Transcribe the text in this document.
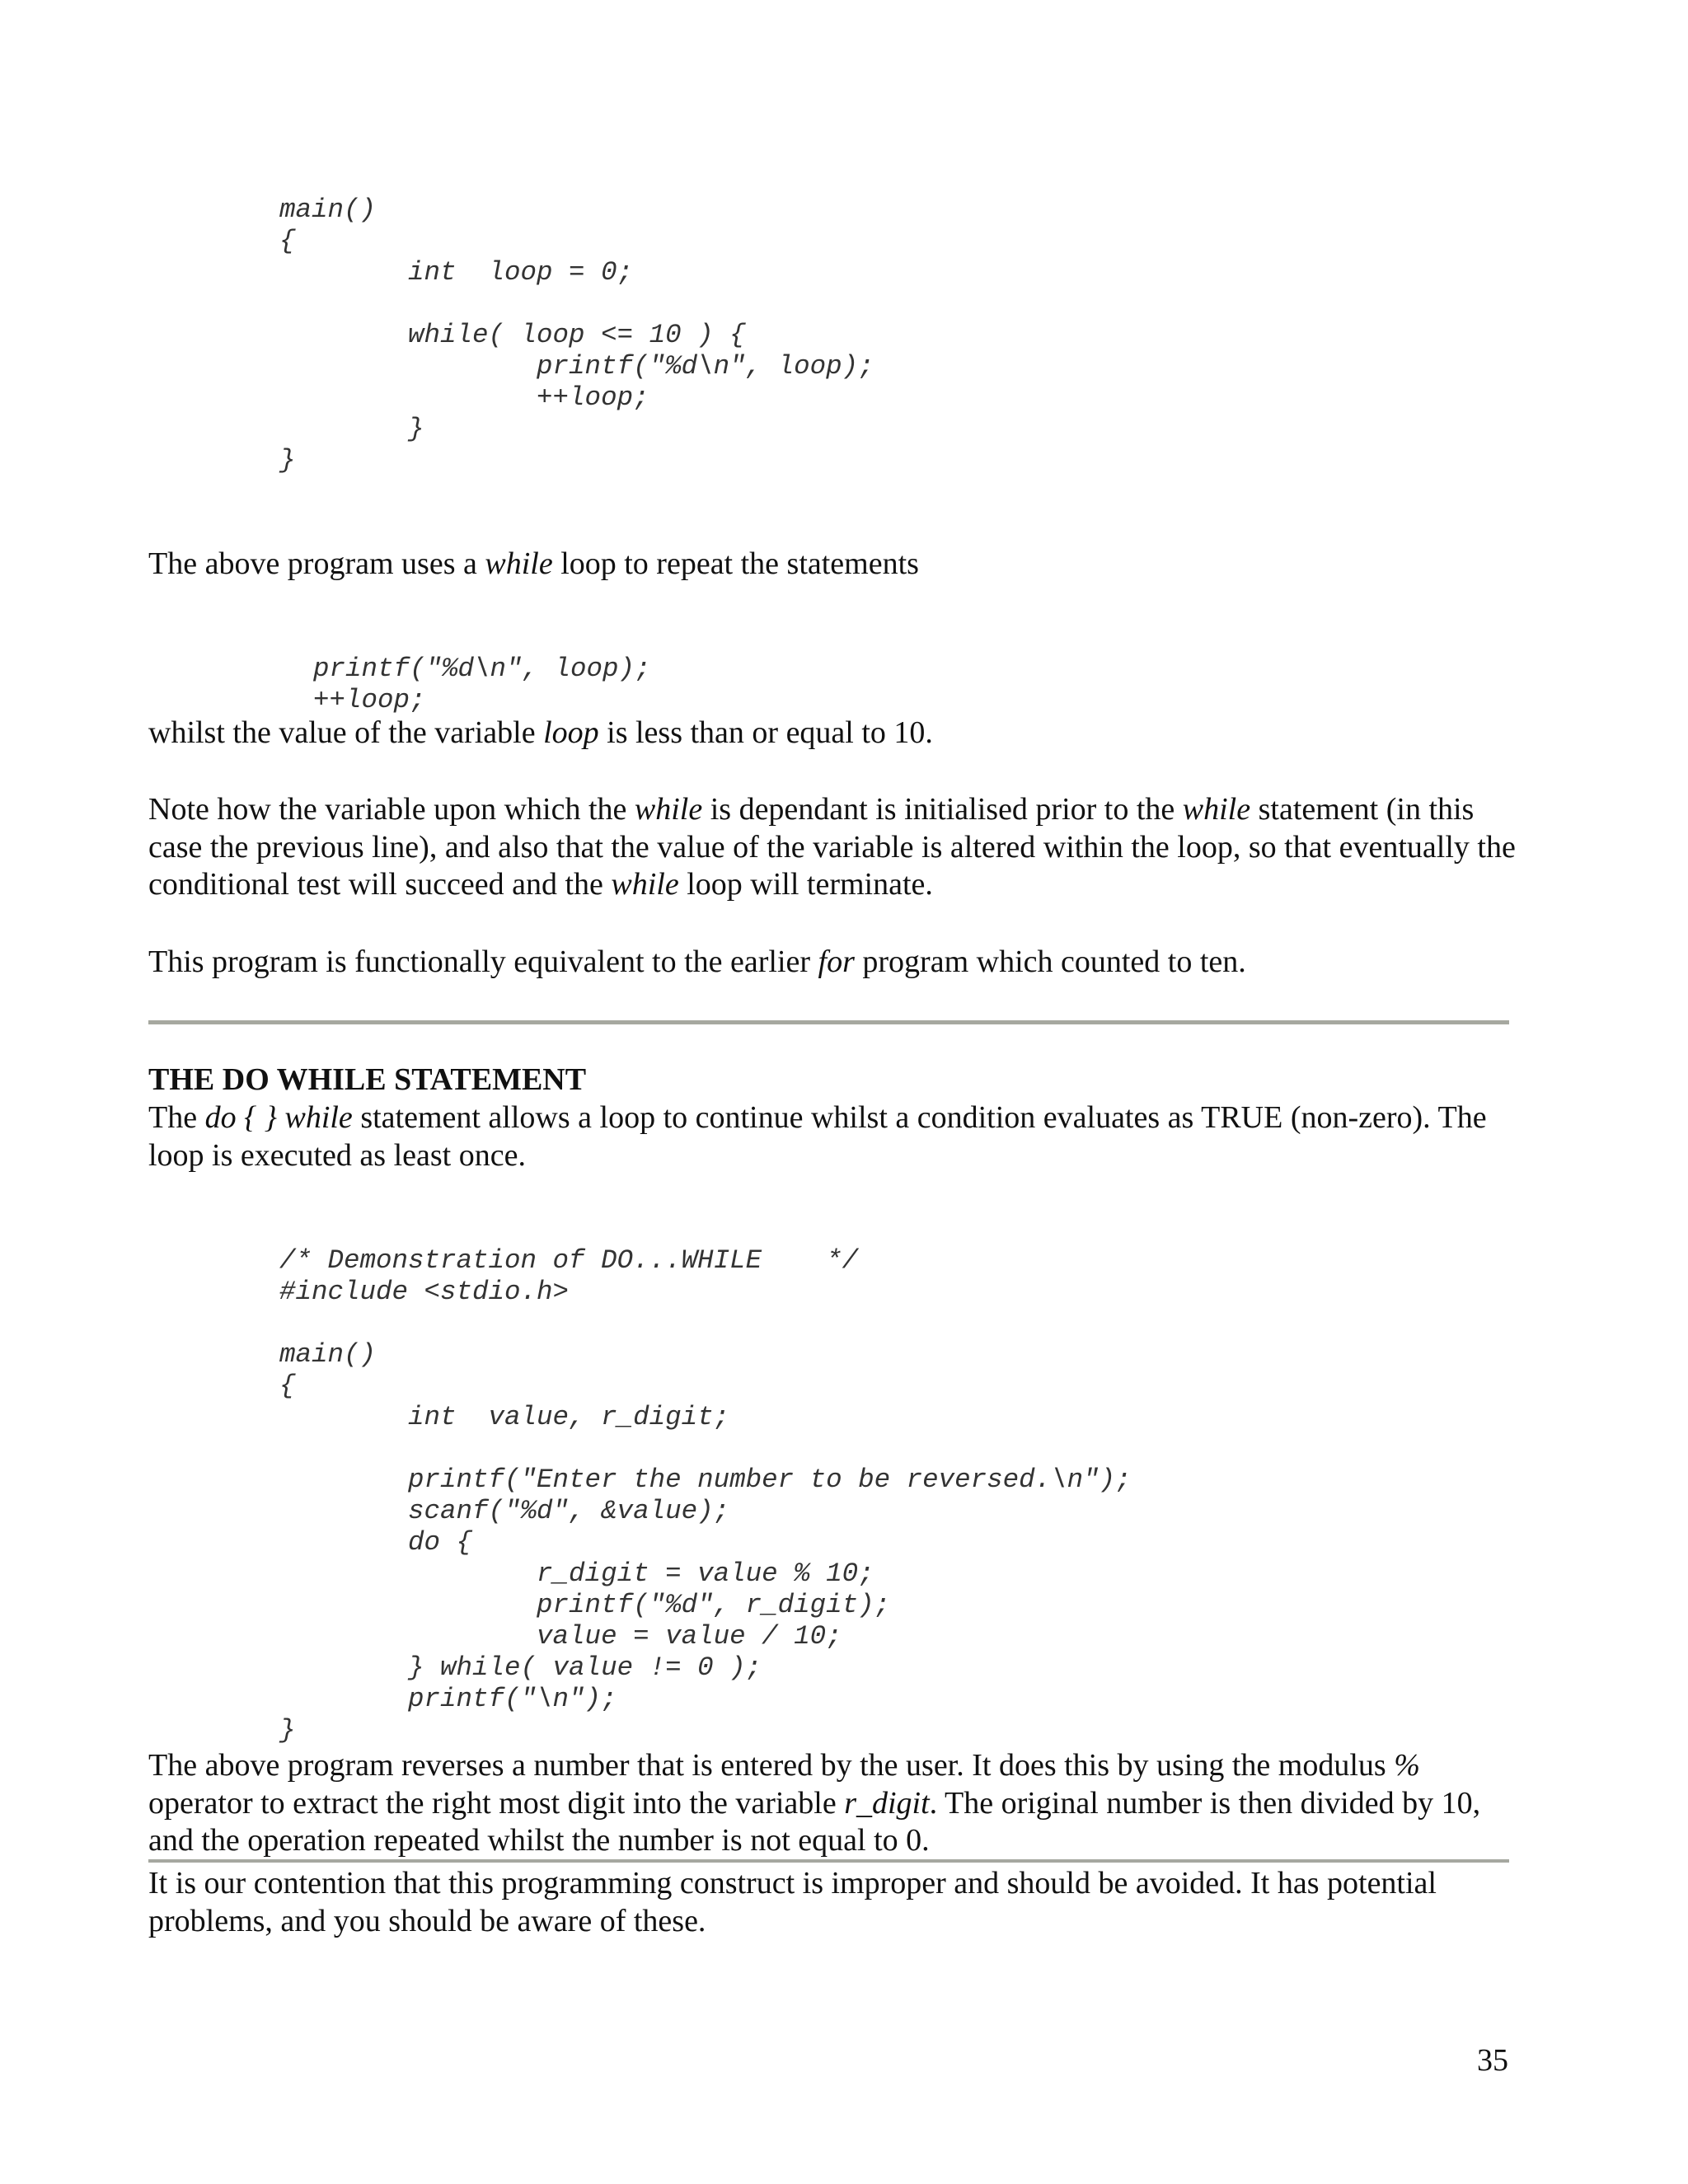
main()
{
int  loop = 0;
while( loop <= 10 ) {
printf("%d\n", loop);
++loop;
}
}

The above program uses a while loop to repeat the statements

printf("%d\n", loop);
++loop;

whilst the value of the variable loop is less than or equal to 10.

Note how the variable upon which the while is dependant is initialised prior to the while statement (in this case the previous line), and also that the value of the variable is altered within the loop, so that eventually the conditional test will succeed and the while loop will terminate.

This program is functionally equivalent to the earlier for program which counted to ten.

THE DO WHILE STATEMENT

The do { } while statement allows a loop to continue whilst a condition evaluates as TRUE (non-zero). The loop is executed as least once.

/* Demonstration of DO...WHILE    */
#include <stdio.h>
main()
{
int  value, r_digit;
printf("Enter the number to be reversed.\n");
scanf("%d", &value);
do {
r_digit = value % 10;
printf("%d", r_digit);
value = value / 10;
} while( value != 0 );
printf("\n");
}

The above program reverses a number that is entered by the user. It does this by using the modulus % operator to extract the right most digit into the variable r_digit. The original number is then divided by 10, and the operation repeated whilst the number is not equal to 0.

It is our contention that this programming construct is improper and should be avoided. It has potential problems, and you should be aware of these.

35
